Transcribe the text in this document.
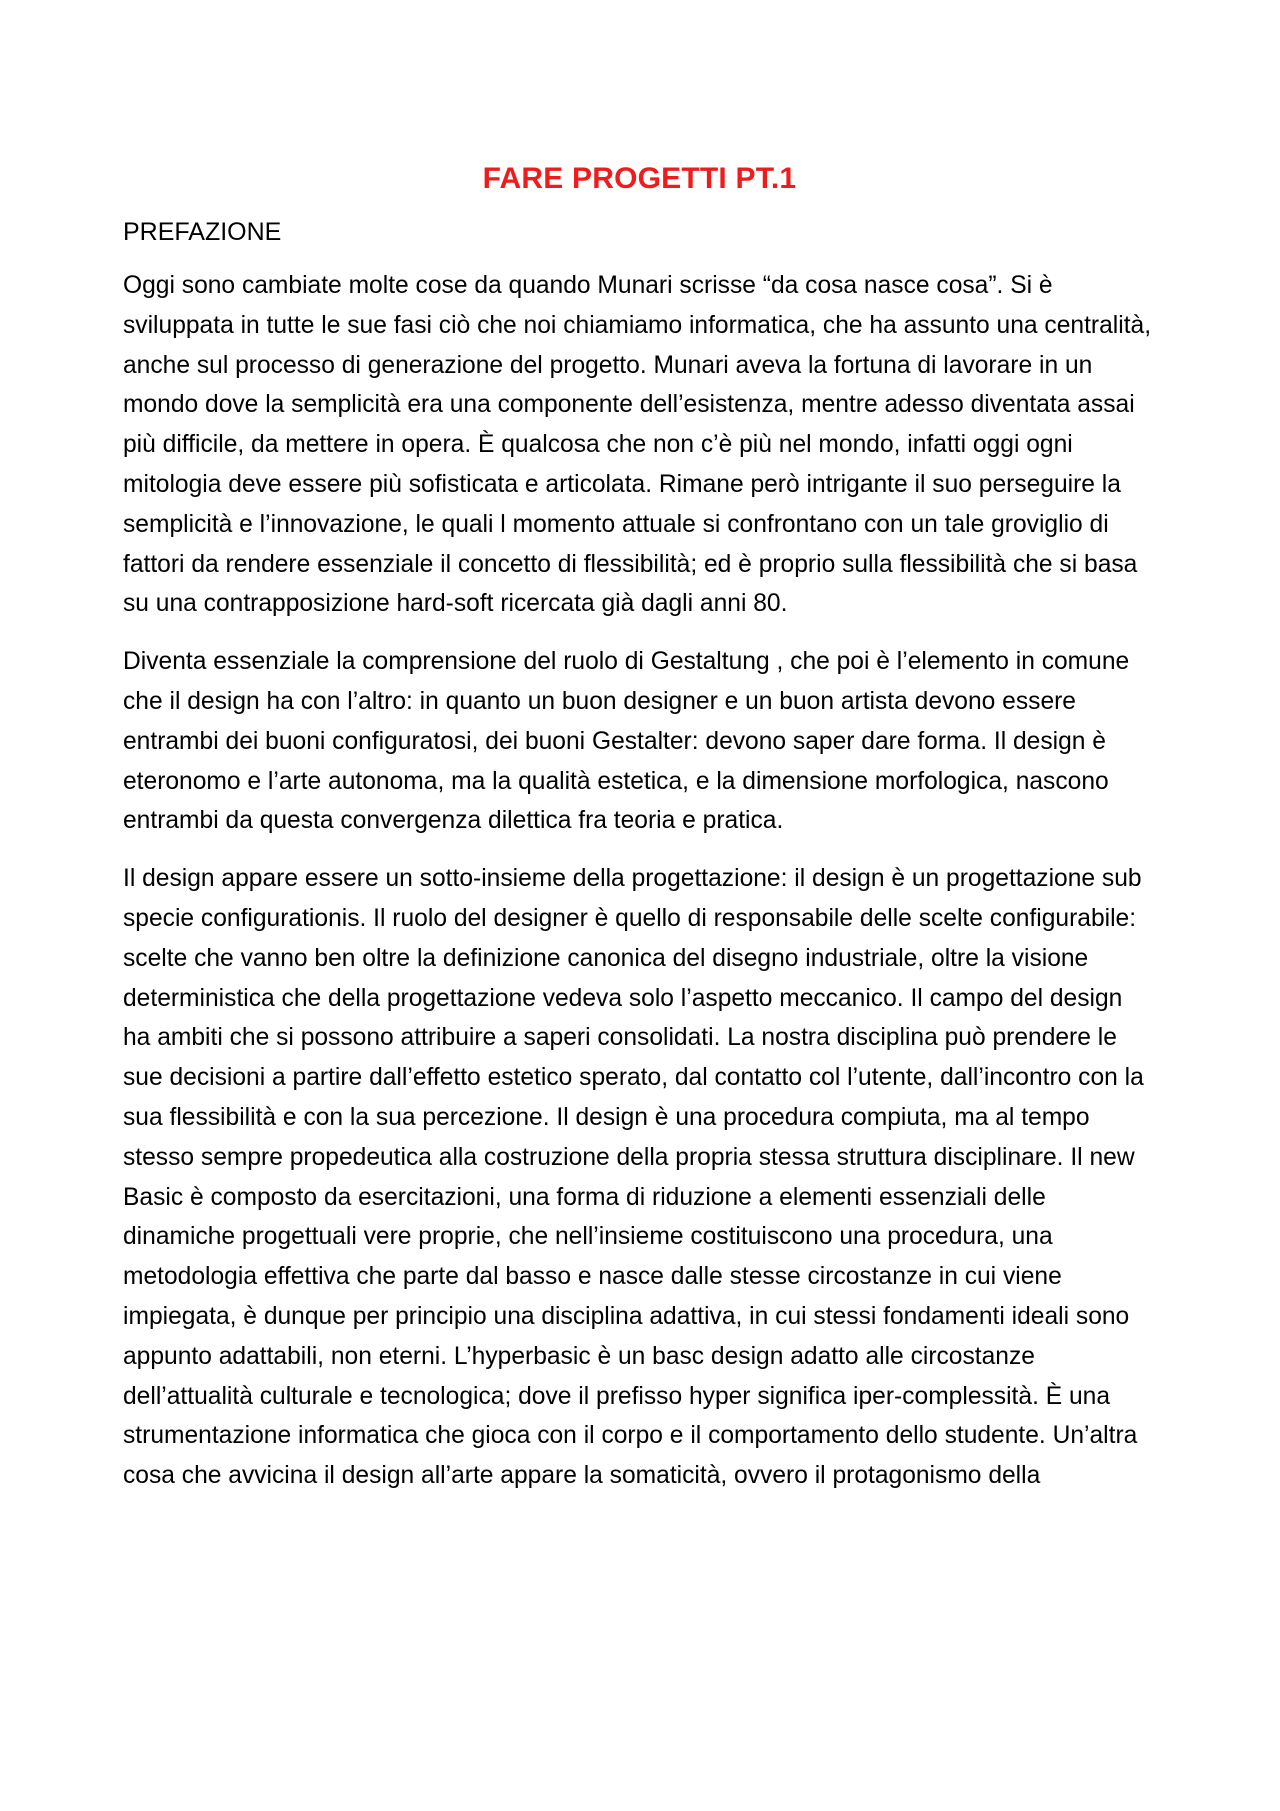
FARE PROGETTI PT.1

PREFAZIONE

Oggi sono cambiate molte cose da quando Munari scrisse “da cosa nasce cosa”. Si è sviluppata in tutte le sue fasi ciò che noi chiamiamo informatica, che ha assunto una centralità, anche sul processo di generazione del progetto. Munari aveva la fortuna di lavorare in un mondo dove la semplicità era una componente dell’esistenza, mentre adesso diventata assai più difficile, da mettere in opera. È qualcosa che non c’è più nel mondo, infatti oggi ogni mitologia deve essere più sofisticata e articolata. Rimane però intrigante il suo perseguire la semplicità e l’innovazione, le quali l momento attuale si confrontano con un tale groviglio di fattori da rendere essenziale il concetto di flessibilità; ed è proprio sulla flessibilità che si basa su una contrapposizione hard-soft ricercata già dagli anni 80.

Diventa essenziale la comprensione del ruolo di Gestaltung , che poi è l’elemento in comune che il design ha con l’altro: in quanto un buon designer e un buon artista devono essere entrambi dei buoni configuratosi, dei buoni Gestalter: devono saper dare forma. Il design è eteronomo e l’arte autonoma, ma la qualità estetica, e la dimensione morfologica, nascono entrambi da questa convergenza dilettica fra teoria e pratica.

Il design appare essere un sotto-insieme della progettazione: il design è un progettazione sub specie configurationis. Il ruolo del designer è quello di responsabile delle scelte configurabile: scelte che vanno ben oltre la definizione canonica del disegno industriale, oltre la visione deterministica che della progettazione vedeva solo l’aspetto meccanico. Il campo del design ha ambiti che si possono attribuire a saperi consolidati. La nostra disciplina può prendere le sue decisioni a partire dall’effetto estetico sperato, dal contatto col l’utente, dall’incontro con la sua flessibilità e con la sua percezione. Il design è una procedura compiuta, ma al tempo stesso sempre propedeutica alla costruzione della propria stessa struttura disciplinare. Il new Basic è composto da esercitazioni, una forma di riduzione a elementi essenziali delle dinamiche progettuali vere proprie, che nell’insieme costituiscono una procedura, una metodologia effettiva che parte dal basso e nasce dalle stesse circostanze in cui viene impiegata, è dunque per principio una disciplina adattiva, in cui stessi fondamenti ideali sono appunto adattabili, non eterni. L’hyperbasic è un basc design adatto alle circostanze dell’attualità culturale e tecnologica; dove il prefisso hyper significa iper-complessità. È una strumentazione informatica che gioca con il corpo e il comportamento dello studente. Un’altra cosa che avvicina il design all’arte appare la somaticità, ovvero il protagonismo della
